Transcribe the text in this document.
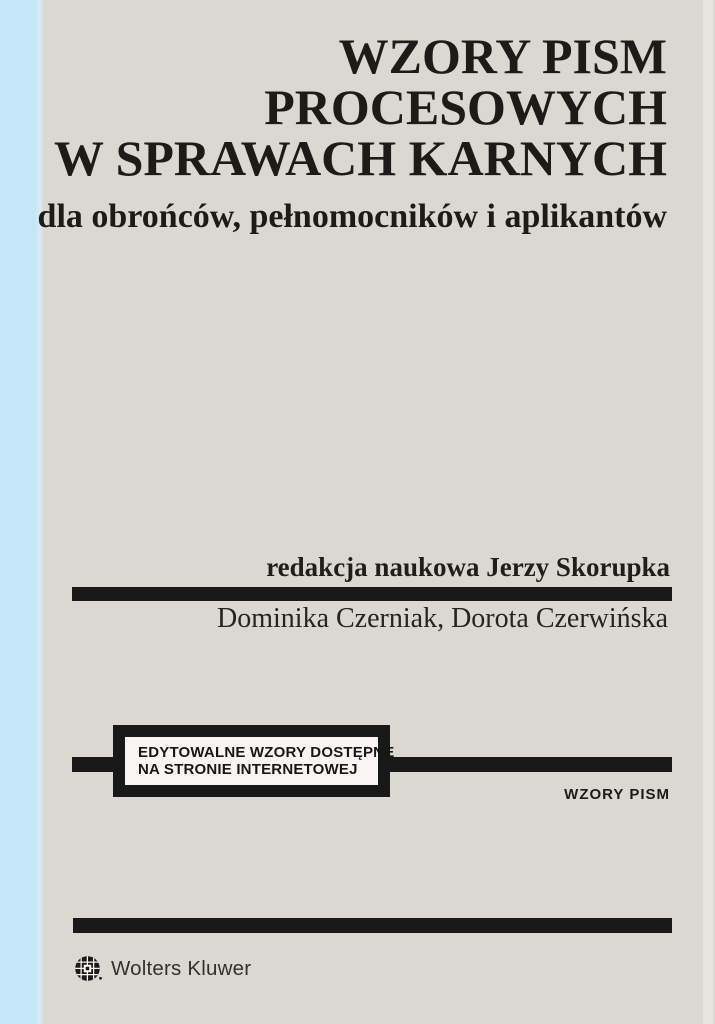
WZORY PISM
PROCESOWYCH
W SPRAWACH KARNYCH
dla obrońców, pełnomocników i aplikantów
redakcja naukowa Jerzy Skorupka
Dominika Czerniak, Dorota Czerwińska
EDYTOWALNE WZORY DOSTĘPNE
NA STRONIE INTERNETOWEJ
WZORY PISM
Wolters Kluwer
